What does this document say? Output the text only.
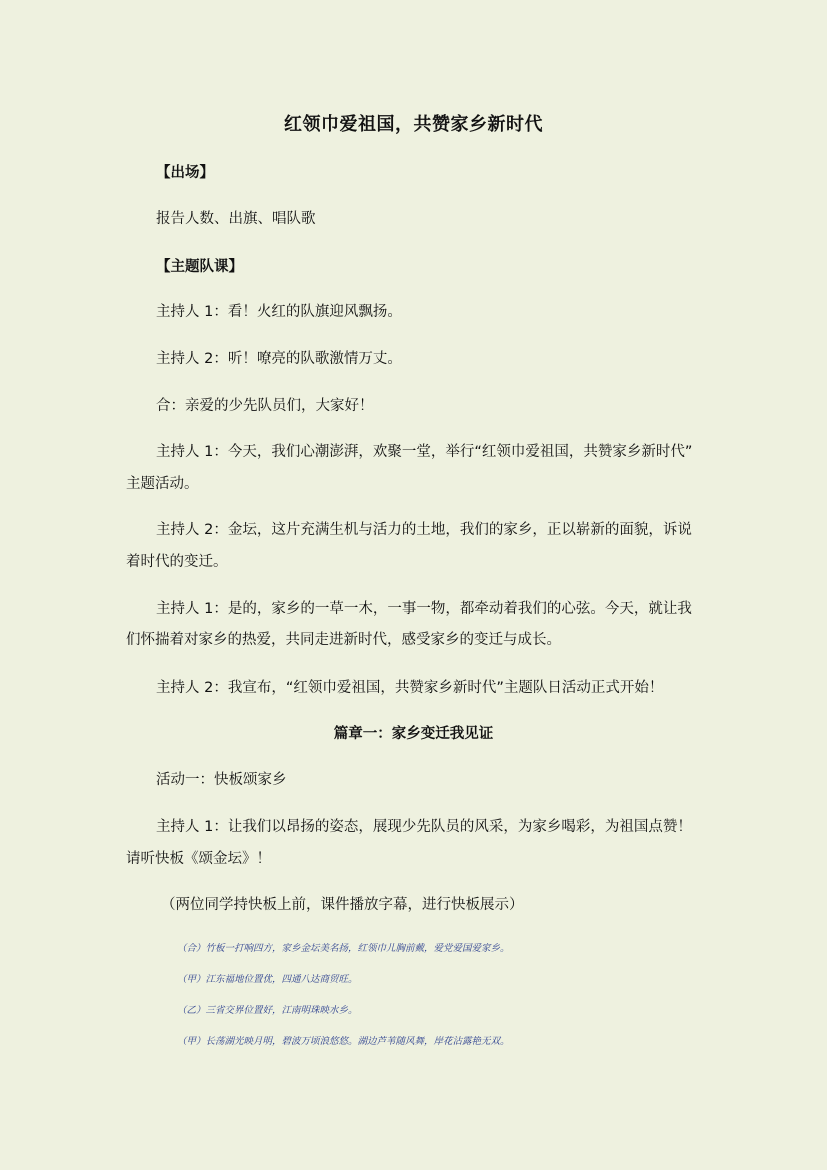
红领巾爱祖国，共赞家乡新时代
【出场】
报告人数、出旗、唱队歌
【主题队课】
主持人 1：看！火红的队旗迎风飘扬。
主持人 2：听！嘹亮的队歌激情万丈。
合：亲爱的少先队员们，大家好！
主持人 1：今天，我们心潮澎湃，欢聚一堂，举行“红领巾爱祖国，共赞家乡新时代”
主题活动。
主持人 2：金坛，这片充满生机与活力的土地，我们的家乡，正以崭新的面貌，诉说
着时代的变迁。
主持人 1：是的，家乡的一草一木，一事一物，都牵动着我们的心弦。今天，就让我
们怀揣着对家乡的热爱，共同走进新时代，感受家乡的变迁与成长。
主持人 2：我宣布，“红领巾爱祖国，共赞家乡新时代”主题队日活动正式开始！
篇章一：家乡变迁我见证
活动一：快板颂家乡
主持人 1：让我们以昂扬的姿态，展现少先队员的风采，为家乡喝彩，为祖国点赞！
请听快板《颂金坛》！
（两位同学持快板上前，课件播放字幕，进行快板展示）
（合）竹板一打响四方，家乡金坛美名扬，红领巾儿胸前戴，爱党爱国爱家乡。
（甲）江东福地位置优，四通八达商贸旺。
（乙）三省交界位置好，江南明珠映水乡。
（甲）长荡湖光映月明，碧波万顷浪悠悠。湖边芦苇随风舞，岸花沾露艳无双。
